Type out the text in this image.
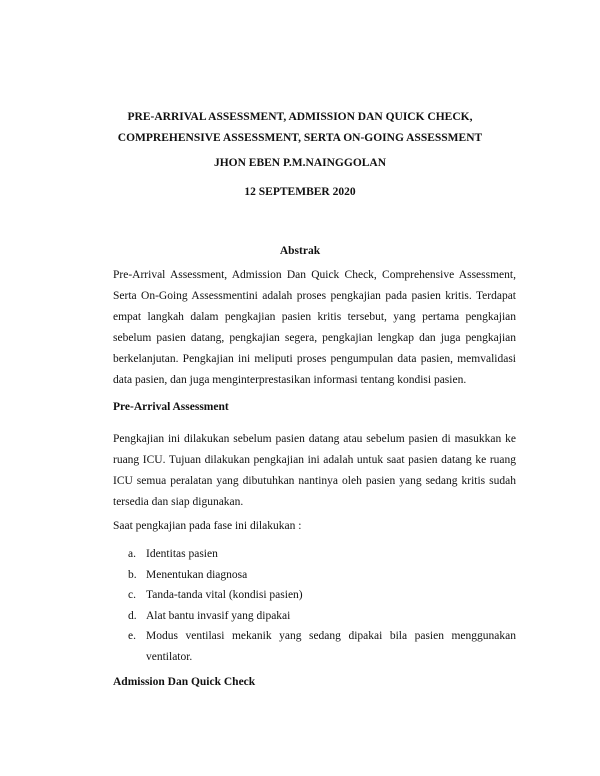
PRE-ARRIVAL ASSESSMENT, ADMISSION DAN QUICK CHECK,
COMPREHENSIVE ASSESSMENT, SERTA ON-GOING ASSESSMENT
JHON EBEN P.M.NAINGGOLAN
12 SEPTEMBER 2020
Abstrak
Pre-Arrival Assessment, Admission Dan Quick Check, Comprehensive Assessment,
Serta On-Going Assessmentini adalah proses pengkajian pada pasien kritis. Terdapat
empat langkah dalam pengkajian pasien kritis tersebut, yang pertama pengkajian
sebelum pasien datang, pengkajian segera, pengkajian lengkap dan juga pengkajian
berkelanjutan. Pengkajian ini meliputi proses pengumpulan data pasien, memvalidasi
data pasien, dan juga menginterprestasikan informasi tentang kondisi pasien.
Pre-Arrival Assessment
Pengkajian ini dilakukan sebelum pasien datang atau sebelum pasien di masukkan ke
ruang ICU. Tujuan dilakukan pengkajian ini adalah untuk saat pasien datang ke ruang
ICU semua peralatan yang dibutuhkan nantinya oleh pasien yang sedang kritis sudah
tersedia dan siap digunakan.
Saat pengkajian pada fase ini dilakukan :
a. Identitas pasien
b. Menentukan diagnosa
c. Tanda-tanda vital (kondisi pasien)
d. Alat bantu invasif yang dipakai
e. Modus ventilasi mekanik yang sedang dipakai bila pasien menggunakan
ventilator.
Admission Dan Quick Check
